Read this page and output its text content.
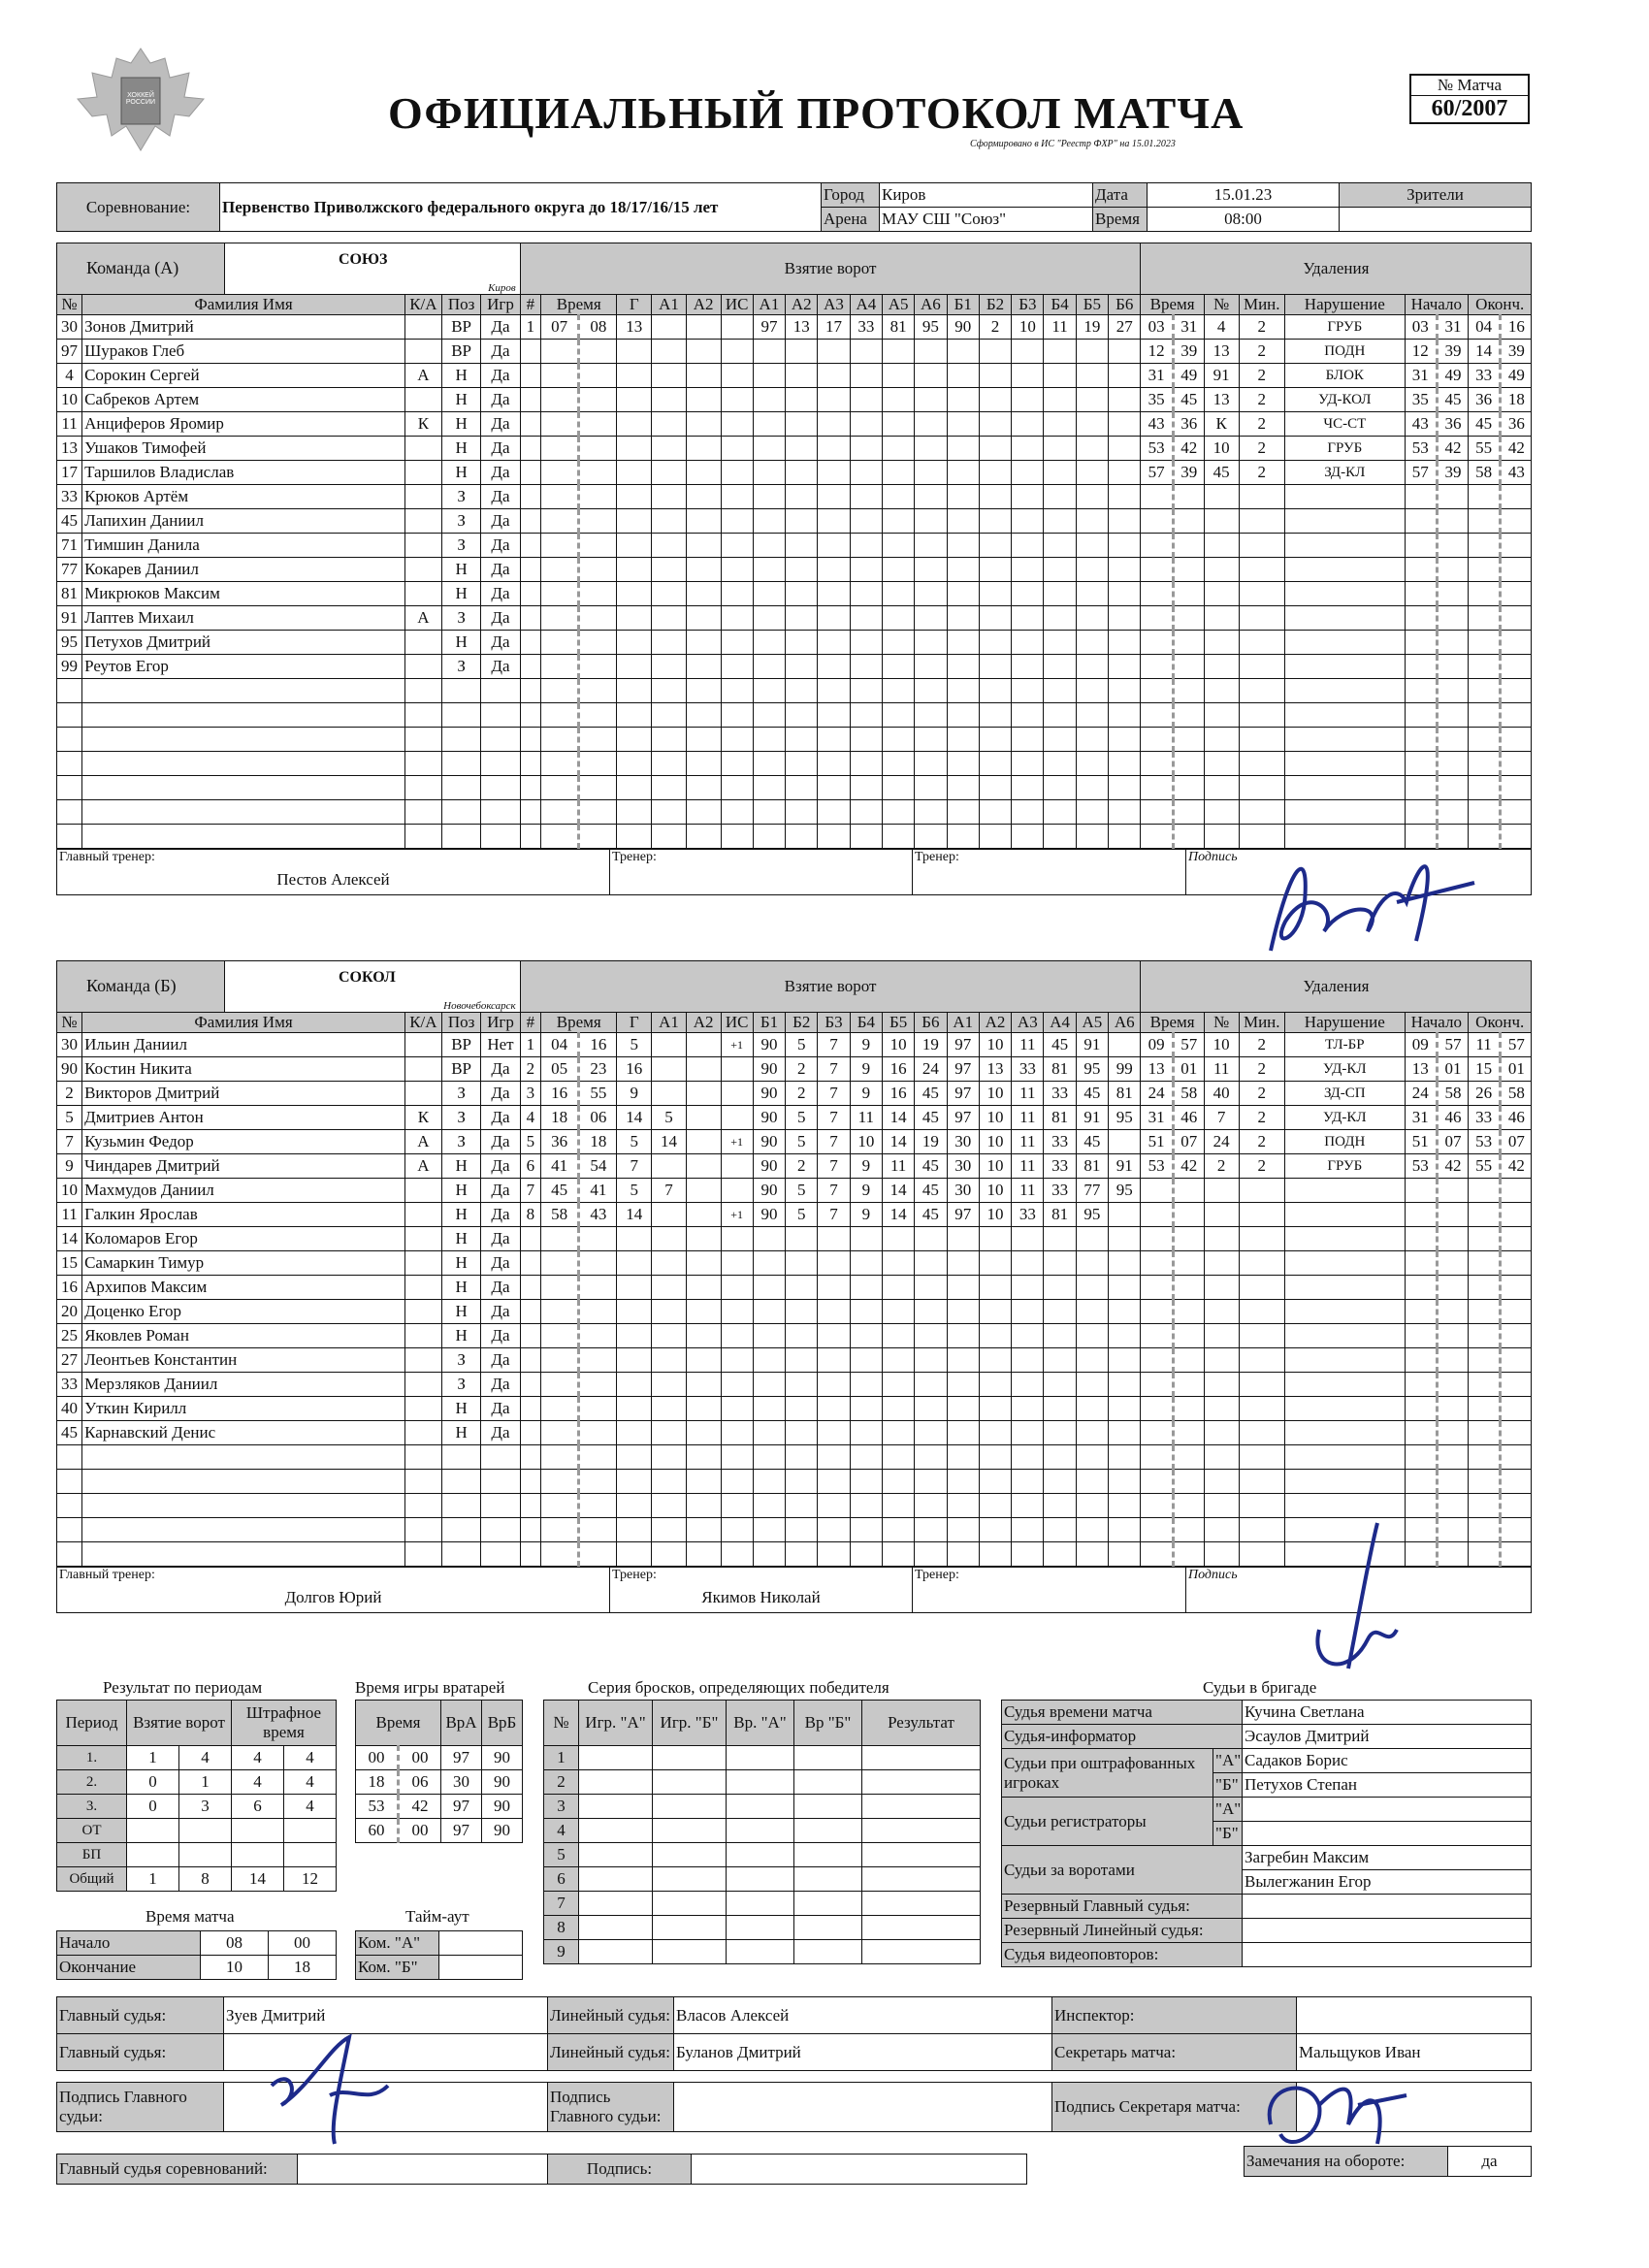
ХОККЕЙ РОССИИ	ОФИЦИАЛЬНЫЙ ПРОТОКОЛ МАТЧА
Сформировано в ИС "Реестр ФХР" на 15.01.2023
№ Матча
60/2007
Соревнование:	Первенство Приволжского федерального округа до 18/17/16/15 лет	Город	Киров	Дата	15.01.23	Зрители
		Арена	МАУ СШ "Союз"	Время	08:00	
Команда (А) СОЮЗ
Киров					Взятие ворот																			Удаления								
№	Фамилия Имя	К/А	Поз	Игр	#	Время		Г	А1	А2	ИС	А1	А2	А3	А4	А5	А6	Б1	Б2	Б3	Б4	Б5	Б6	Время		№	Мин.	Нарушение	Начало		Оконч.	
30	Зонов Дмитрий		ВР	Да	1	07	08	13				97	13	17	33	81	95	90	2	10	11	19	27	03	31	4	2	ГРУБ	03	31	04	16
97	Шураков Глеб		ВР	Да																				12	39	13	2	ПОДН	12	39	14	39
4	Сорокин Сергей	А	Н	Да																				31	49	91	2	БЛОК	31	49	33	49
10	Сабреков Артем		Н	Да																				35	45	13	2	УД-КОЛ	35	45	36	18
11	Анциферов Яромир	К	Н	Да																				43	36	К	2	ЧС-СТ	43	36	45	36
13	Ушаков Тимофей		Н	Да																				53	42	10	2	ГРУБ	53	42	55	42
17	Таршилов Владислав		Н	Да																				57	39	45	2	ЗД-КЛ	57	39	58	43
33	Крюков Артём		З	Да																												
45	Лапихин Даниил		З	Да																												
71	Тимшин Данила		З	Да																												
77	Кокарев Даниил		Н	Да																												
81	Микрюков Максим		Н	Да																												
91	Лаптев Михаил	А	З	Да																												
95	Петухов Дмитрий		Н	Да																												
99	Реутов Егор		З	Да																												

Главный тренер:
Пестов Алексей

Тренер:	Тренер:	Подпись
Команда (Б) СОКОЛ
Новочебоксарск					Взятие ворот																			Удаления								
№	Фамилия Имя	К/А	Поз	Игр	#	Время		Г	А1	А2	ИС	Б1	Б2	Б3	Б4	Б5	Б6	А1	А2	А3	А4	А5	А6	Время		№	Мин.	Нарушение	Начало		Оконч.	
30	Ильин Даниил		ВР	Нет	1	04	16	5			+1	90	5	7	9	10	19	97	10	11	45	91		09	57	10	2	ТЛ-БР	09	57	11	57
90	Костин Никита		ВР	Да	2	05	23	16				90	2	7	9	16	24	97	13	33	81	95	99	13	01	11	2	УД-КЛ	13	01	15	01
2	Викторов Дмитрий		З	Да	3	16	55	9				90	2	7	9	16	45	97	10	11	33	45	81	24	58	40	2	ЗД-СП	24	58	26	58
5	Дмитриев Антон	К	З	Да	4	18	06	14	5			90	5	7	11	14	45	97	10	11	81	91	95	31	46	7	2	УД-КЛ	31	46	33	46
7	Кузьмин Федор	А	З	Да	5	36	18	5	14		+1	90	5	7	10	14	19	30	10	11	33	45		51	07	24	2	ПОДН	51	07	53	07
9	Чиндарев Дмитрий	А	Н	Да	6	41	54	7				90	2	7	9	11	45	30	10	11	33	81	91	53	42	2	2	ГРУБ	53	42	55	42
10	Махмудов Даниил		Н	Да	7	45	41	5	7			90	5	7	9	14	45	30	10	11	33	77	95									
11	Галкин Ярослав		Н	Да	8	58	43	14			+1	90	5	7	9	14	45	97	10	33	81	95										
14	Коломаров Егор		Н	Да																												
15	Самаркин Тимур		Н	Да																												
16	Архипов Максим		Н	Да																												
20	Доценко Егор		Н	Да																												
25	Яковлев Роман		Н	Да																												
27	Леонтьев Константин		З	Да																												
33	Мерзляков Даниил		З	Да																												
40	Уткин Кирилл		Н	Да																												
45	Карнавский Денис		Н	Да																												

Главный тренер:
Долгов Юрий

Тренер:
Якимов Николай

Тренер:	Подпись
Результат по периодам
Период	Взятие ворот		Штрафное время	
1.	1	4	4	4
2.	0	1	4	4
3.	0	3	6	4
ОТ				
БП				
Общий	1	8	14	12
Время игры вратарей
Время		ВрА	ВрБ
00	00	97	90
18	06	30	90
53	42	97	90
60	00	97	90
Время матча
Начало	08	00
Окончание	10	18
Тайм-аут
Ком. "А"	
Ком. "Б"	
Серия бросков, определяющих победителя
№	Игр. "А"	Игр. "Б"	Вр. "А"	Вр "Б"	Результат
1					
2					
3					
4					
5					
6					
7					
8					
9					
Судьи в бригаде
Судья времени матча		Кучина Светлана
Судья-информатор		Эсаулов Дмитрий
Судьи при оштрафованных игроках	"А"	Садаков Борис
	"Б"	Петухов Степан
Судьи регистраторы	"А"	
	"Б"	
Судьи за воротами		Загребин Максим
		Вылегжанин Егор
Резервный Главный судья:		
Резервный Линейный судья:		
Судья видеоповторов:		
Главный судья:	Зуев Дмитрий	Линейный судья:	Власов Алексей	Инспектор:	
Главный судья:		Линейный судья:	Буланов Дмитрий	Секретарь матча:	Мальщуков Иван
Подпись Главного судьи:		Подпись Главного судьи:		Подпись Секретаря матча:	
Главный судья соревнований:		Подпись:		Замечания на обороте:	да
